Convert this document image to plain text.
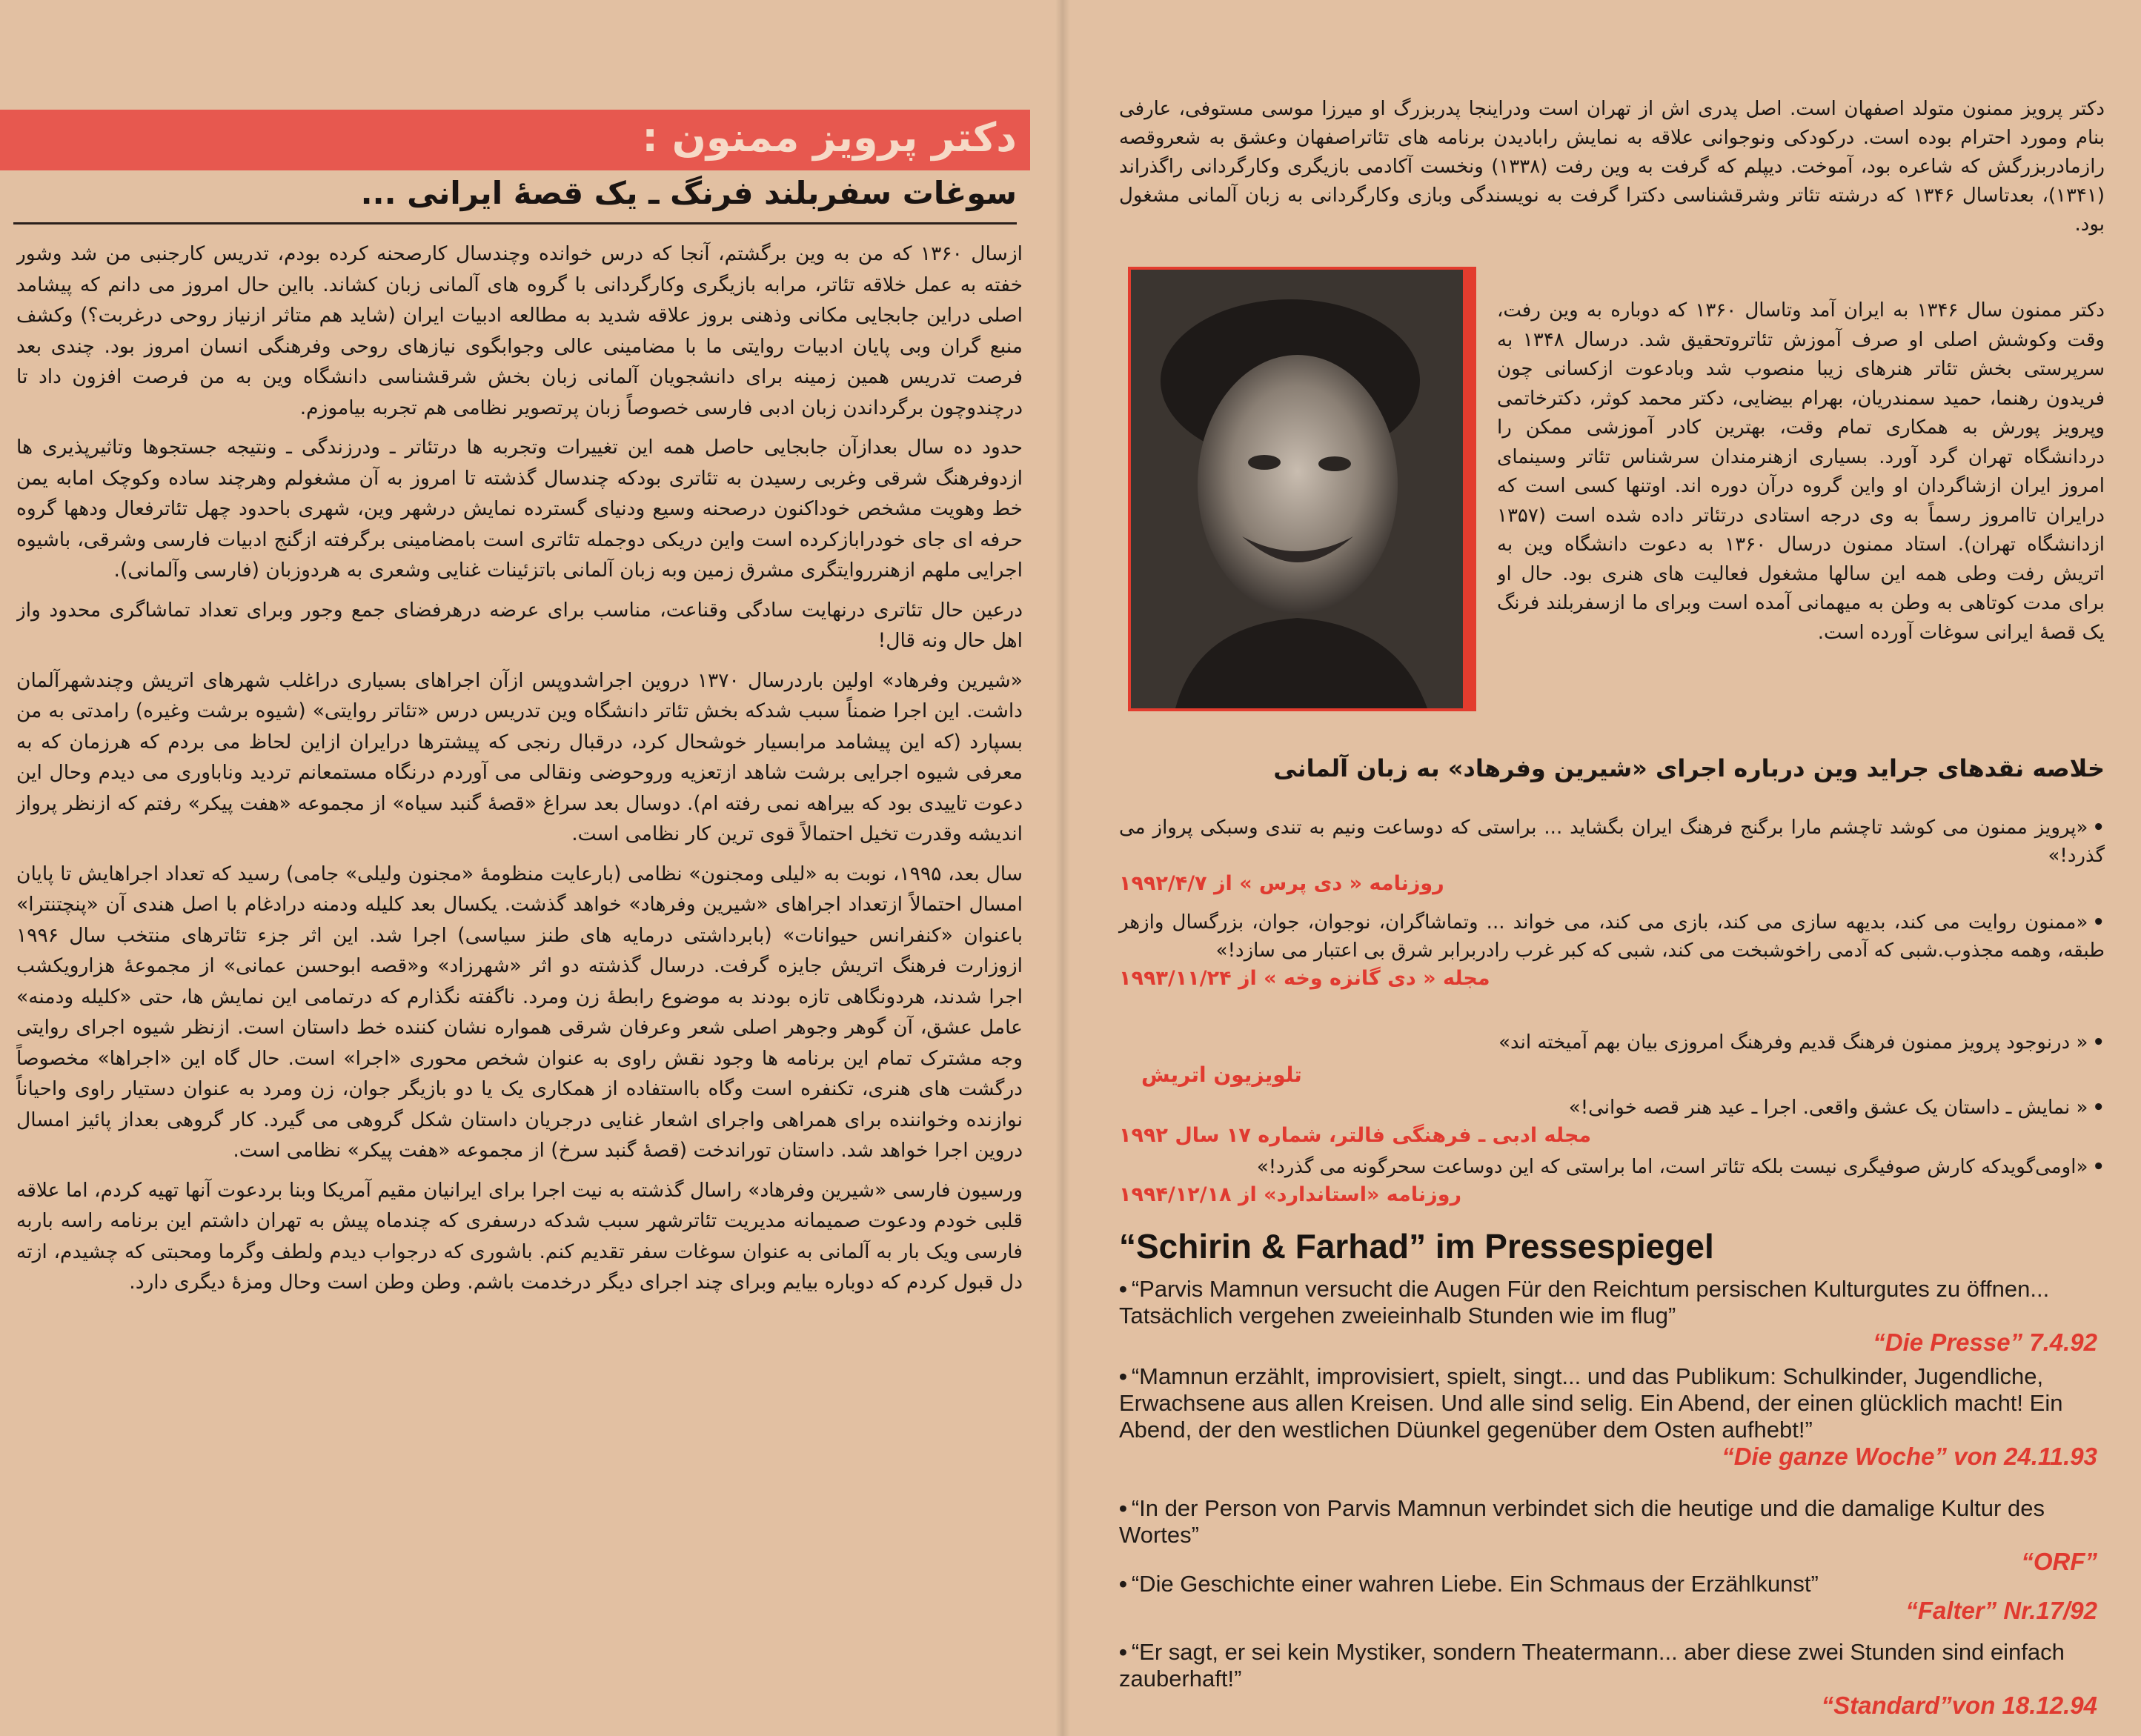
دکتر پرویز ممنون :
سوغات سفربلند فرنگ ـ یک قصهٔ ایرانی ...

ازسال ۱۳۶۰ که من به وین برگشتم، آنجا که درس خوانده وچندسال کارصحنه کرده بودم، تدریس کارجنبی من شد وشور خفته به عمل خلاقه تئاتر، مرابه بازیگری وکارگردانی با گروه های آلمانی زبان کشاند. بااین حال امروز می دانم که پیشامد اصلی دراین جابجایی مکانی وذهنی بروز علاقه شدید به مطالعه ادبیات ایران (شاید هم متاثر ازنیاز روحی درغربت؟) وکشف منبع گران وبی پایان ادبیات روایتی ما با مضامینی عالی وجوابگوی نیازهای روحی وفرهنگی انسان امروز بود. چندی بعد فرصت تدریس همین زمینه برای دانشجویان آلمانی زبان بخش شرقشناسی دانشگاه وین به من فرصت افزون داد تا درچندوچون برگرداندن زبان ادبی فارسی خصوصاً زبان پرتصویر نظامی هم تجربه بیاموزم.

حدود ده سال بعدازآن جابجایی حاصل همه این تغییرات وتجربه ها درتئاتر ـ ودرزندگی ـ ونتیجه جستجوها وتاثیرپذیری ها ازدوفرهنگ شرقی وغربی رسیدن به تئاتری بودکه چندسال گذشته تا امروز به آن مشغولم وهرچند ساده وکوچک امابه یمن خط وهویت مشخص خوداکنون درصحنه وسیع ودنیای گسترده نمایش درشهر وین، شهری باحدود چهل تئاترفعال ودهها گروه حرفه ای جای خودرابازکرده است واین دریکی دوجمله تئاتری است بامضامینی برگرفته ازگنج ادبیات فارسی وشرقی، باشیوه اجرایی ملهم ازهنرروایتگری مشرق زمین وبه زبان آلمانی باتزئینات غنایی وشعری به هردوزبان (فارسی وآلمانی).

درعین حال تئاتری درنهایت سادگی وقناعت، مناسب برای عرضه درهرفضای جمع وجور وبرای تعداد تماشاگری محدود واز اهل حال ونه قال!

«شیرین وفرهاد» اولین باردرسال ۱۳۷۰ دروین اجراشدوپس ازآن اجراهای بسیاری دراغلب شهرهای اتریش وچندشهرآلمان داشت. این اجرا ضمناً سبب شدکه بخش تئاتر دانشگاه وین تدریس درس «تئاتر روایتی» (شیوه برشت وغیره) رامدتی به من بسپارد (که این پیشامد مرابسیار خوشحال کرد، درقبال رنجی که پیشترها درایران ازاین لحاظ می بردم که هرزمان که به معرفی شیوه اجرایی برشت شاهد ازتعزیه وروحوضی ونقالی می آوردم درنگاه مستمعانم تردید وناباوری می دیدم وحال این دعوت تاییدی بود که بیراهه نمی رفته ام). دوسال بعد سراغ «قصهٔ گنبد سیاه» از مجموعه «هفت پیکر» رفتم که ازنظر پرواز اندیشه وقدرت تخیل احتمالاً قوی ترین کار نظامی است.

سال بعد، ۱۹۹۵، نوبت به «لیلی ومجنون» نظامی (بارعایت منظومهٔ «مجنون ولیلی» جامی) رسید که تعداد اجراهایش تا پایان امسال احتمالاً ازتعداد اجراهای «شیرین وفرهاد» خواهد گذشت. یکسال بعد کلیله ودمنه درادغام با اصل هندی آن «پنچتنترا» باعنوان «کنفرانس حیوانات» (بابرداشتی درمایه های طنز سیاسی) اجرا شد. این اثر جزء تئاترهای منتخب سال ۱۹۹۶ ازوزارت فرهنگ اتریش جایزه گرفت. درسال گذشته دو اثر «شهرزاد» و«قصه ابوحسن عمانی» از مجموعهٔ هزارویکشب اجرا شدند، هردونگاهی تازه بودند به موضوع رابطهٔ زن ومرد. ناگفته نگذارم که درتمامی این نمایش ها، حتی «کلیله ودمنه» عامل عشق، آن گوهر وجوهر اصلی شعر وعرفان شرقی همواره نشان کننده خط داستان است. ازنظر شیوه اجرای روایتی وجه مشترک تمام این برنامه ها وجود نقش راوی به عنوان شخص محوری «اجرا» است. حال گاه این «اجراها» مخصوصاً درگشت های هنری، تکنفره است وگاه بااستفاده از همکاری یک یا دو بازیگر جوان، زن ومرد به عنوان دستیار راوی واحیاناً نوازنده وخواننده برای همراهی واجرای اشعار غنایی درجریان داستان شکل گروهی می گیرد. کار گروهی بعداز پائیز امسال دروین اجرا خواهد شد. داستان توراندخت (قصهٔ گنبد سرخ) از مجموعه «هفت پیکر» نظامی است.

ورسیون فارسی «شیرین وفرهاد» راسال گذشته به نیت اجرا برای ایرانیان مقیم آمریکا وبنا بردعوت آنها تهیه کردم، اما علاقه قلبی خودم ودعوت صمیمانه مدیریت تئاترشهر سبب شدکه درسفری که چندماه پیش به تهران داشتم این برنامه راسه باربه فارسی ویک بار به آلمانی به عنوان سوغات سفر تقدیم کنم. باشوری که درجواب دیدم ولطف وگرما ومحبتی که چشیدم، ازته دل قبول کردم که دوباره بیایم وبرای چند اجرای دیگر درخدمت باشم. وطن وطن است وحال ومزهٔ دیگری دارد.

دکتر پرویز ممنون متولد اصفهان است. اصل پدری اش از تهران است ودراینجا پدربزرگ او میرزا موسی مستوفی، عارفی بنام ومورد احترام بوده است. درکودکی ونوجوانی علاقه به نمایش رابادیدن برنامه های تئاتراصفهان وعشق به شعروقصه رازمادربزرگش که شاعره بود، آموخت. دیپلم که گرفت به وین رفت (۱۳۳۸) ونخست آکادمی بازیگری وکارگردانی راگذراند (۱۳۴۱)، بعدتاسال ۱۳۴۶ که درشته تئاتر وشرقشناسی دکترا گرفت به نویسندگی وبازی وکارگردانی به زبان آلمانی مشغول بود.
دکتر ممنون سال ۱۳۴۶ به ایران آمد وتاسال ۱۳۶۰ که دوباره به وین رفت، وقت وکوشش اصلی او صرف آموزش تئاتروتحقیق شد. درسال ۱۳۴۸ به سرپرستی بخش تئاتر هنرهای زیبا منصوب شد وبادعوت ازکسانی چون فریدون رهنما، حمید سمندریان، بهرام بیضایی، دکتر محمد کوثر، دکترخاتمی وپرویز پورش به همکاری تمام وقت، بهترین کادر آموزشی ممکن را دردانشگاه تهران گرد آورد. بسیاری ازهنرمندان سرشناس تئاتر وسینمای امروز ایران ازشاگردان او واین گروه درآن دوره اند. اوتنها کسی است که درایران تاامروز رسماً به وی درجه استادی درتئاتر داده شده است (۱۳۵۷ ازدانشگاه تهران). استاد ممنون درسال ۱۳۶۰ به دعوت دانشگاه وین به اتریش رفت وطی همه این سالها مشغول فعالیت های هنری بود. حال او برای مدت کوتاهی به وطن به میهمانی آمده است وبرای ما ازسفربلند فرنگ یک قصهٔ ایرانی سوغات آورده است.
خلاصه نقدهای جراید وین درباره اجرای «شیرین وفرهاد» به زبان آلمانی
•«پرویز ممنون می کوشد تاچشم مارا برگنج فرهنگ ایران بگشاید ... براستی که دوساعت ونیم به تندی وسبکی پرواز می گذرد!»
روزنامه « دی پرس » از ۱۹۹۲/۴/۷
•«ممنون روایت می کند، بدیهه سازی می کند، بازی می کند، می خواند ... وتماشاگران، نوجوان، جوان، بزرگسال وازهر طبقه، وهمه مجذوب.شبی که آدمی راخوشبخت می کند، شبی که کبر غرب رادربرابر شرق بی اعتبار می سازد!»
مجله « دی گانزه وخه » از ۱۹۹۳/۱۱/۲۴
•« درنوجود پرویز ممنون فرهنگ قدیم وفرهنگ امروزی بیان بهم آمیخته اند»
تلویزیون اتریش
•« نمایش ـ داستان یک عشق واقعی. اجرا ـ عید هنر قصه خوانی!»
مجله ادبی ـ فرهنگی فالتر، شماره ۱۷ سال ۱۹۹۲
•«اومی‌گویدکه کارش صوفیگری نیست بلکه تئاتر است، اما براستی که این دوساعت سحرگونه می گذرد!»
روزنامه «استاندارد» از ۱۹۹۴/۱۲/۱۸
“Schirin & Farhad” im Pressespiegel
• “Parvis Mamnun versucht die Augen Für den Reichtum persischen Kulturgutes zu öffnen... Tatsächlich vergehen zweieinhalb Stunden wie im flug”
“Die Presse” 7.4.92
• “Mamnun erzählt, improvisiert, spielt, singt... und das Publikum: Schulkinder, Jugendliche, Erwachsene aus allen Kreisen. Und alle sind selig. Ein Abend, der einen glücklich macht! Ein Abend, der den westlichen Düunkel gegenüber dem Osten aufhebt!”
“Die ganze Woche” von 24.11.93
• “In der Person von Parvis Mamnun verbindet sich die heutige und die damalige Kultur des Wortes”
“ORF”
• “Die Geschichte einer wahren Liebe. Ein Schmaus der Erzählkunst”
“Falter” Nr.17/92
• “Er sagt, er sei kein Mystiker, sondern Theatermann... aber diese zwei Stunden sind einfach zauberhaft!”
“Standard”von 18.12.94
